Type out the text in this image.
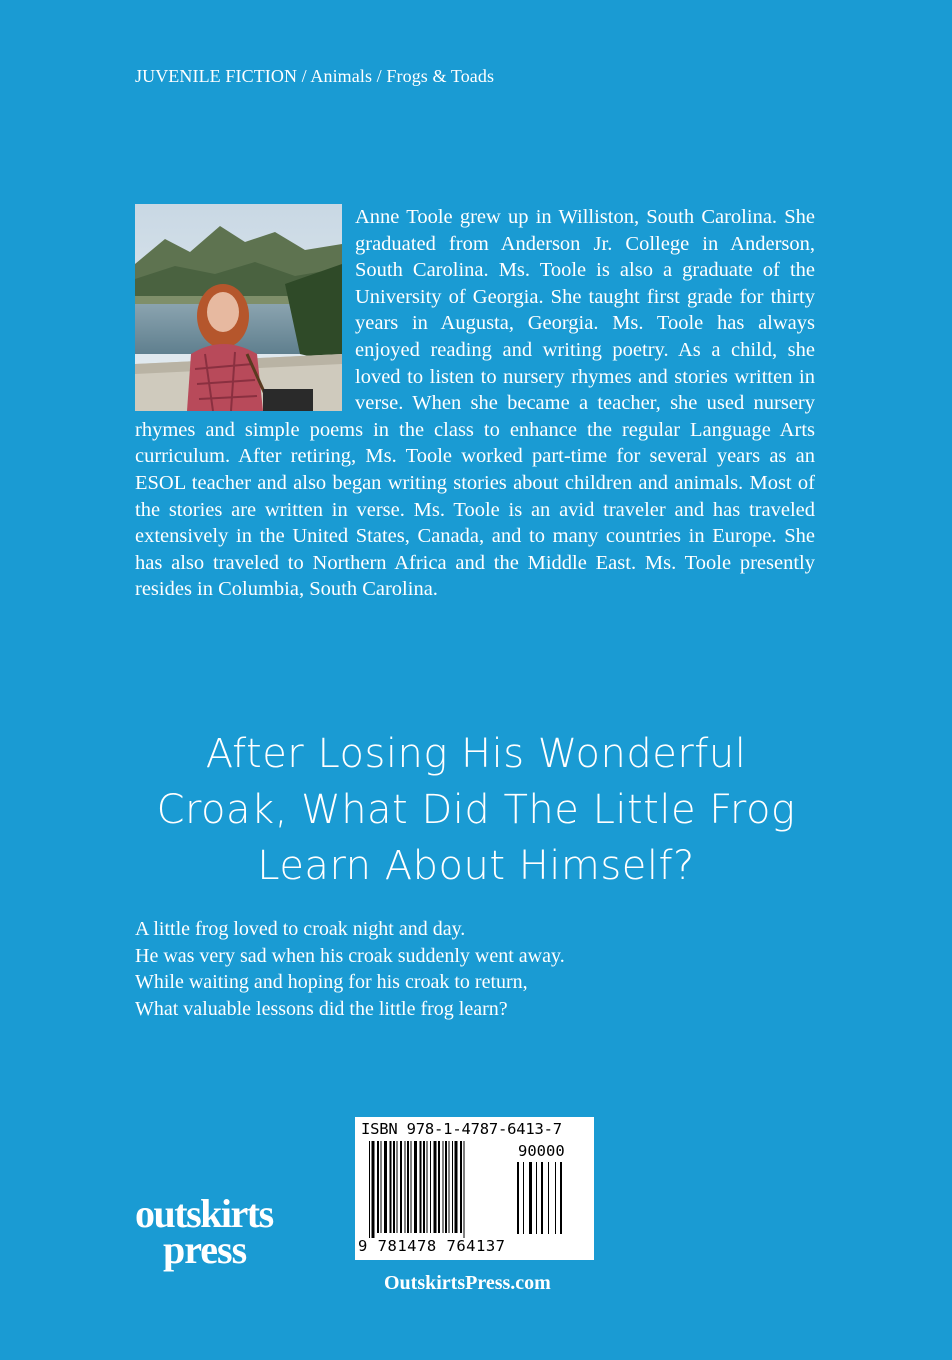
JUVENILE FICTION / Animals / Frogs & Toads
Anne Toole grew up in Williston, South Carolina. She graduated from Anderson Jr. College in Anderson, South Carolina. Ms. Toole is also a graduate of the University of Georgia. She taught first grade for thirty years in Augusta, Georgia. Ms. Toole has always enjoyed reading and writing poetry. As a child, she loved to listen to nursery rhymes and stories written in verse. When she became a teacher, she used nursery rhymes and simple poems in the class to enhance the regular Language Arts curriculum. After retiring, Ms. Toole worked part-time for several years as an ESOL teacher and also began writing stories about children and animals. Most of the stories are written in verse. Ms. Toole is an avid traveler and has traveled extensively in the United States, Canada, and to many countries in Europe. She has also traveled to Northern Africa and the Middle East. Ms. Toole presently resides in Columbia, South Carolina.
After Losing His Wonderful
Croak, What Did The Little Frog
Learn About Himself?
A little frog loved to croak night and day.
He was very sad when his croak suddenly went away.
While waiting and hoping for his croak to return,
What valuable lessons did the little frog learn?
ISBN 978-1-4787-6413-7
90000
9 781478 764137
outskirts
press
OutskirtsPress.com
